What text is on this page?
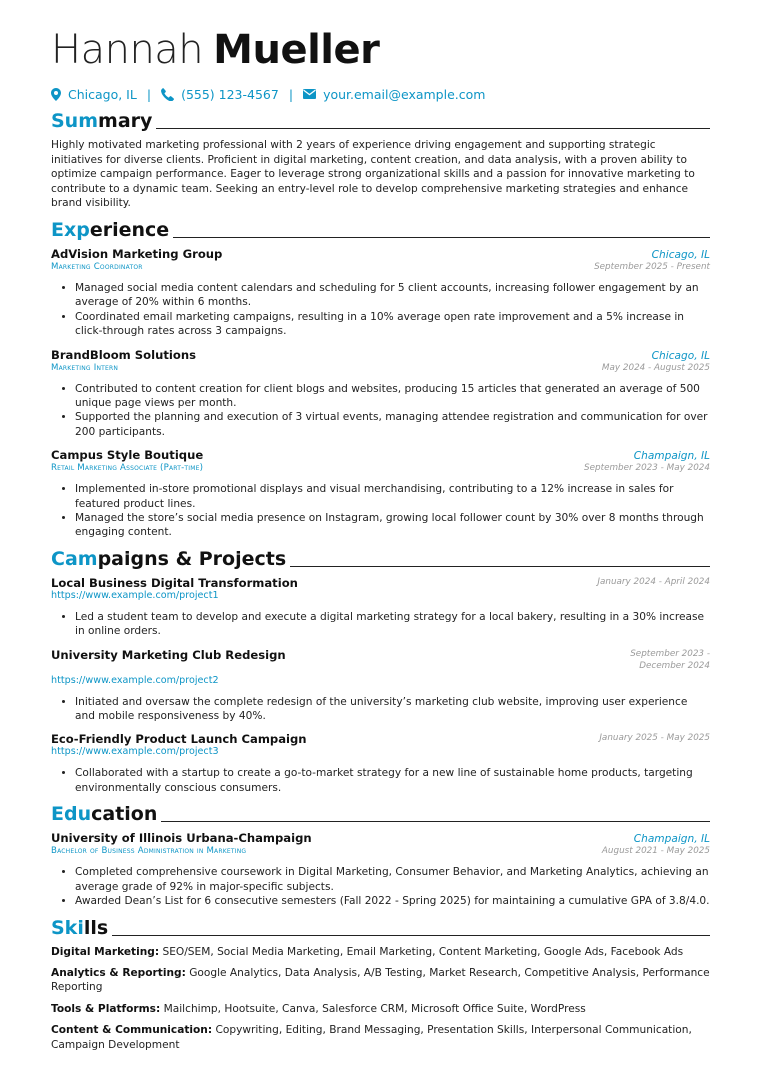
Hannah Mueller
Chicago, IL | (555) 123-4567 | your.email@example.com
Summary

Highly motivated marketing professional with 2 years of experience driving engagement and supporting strategic initiatives for diverse clients. Proficient in digital marketing, content creation, and data analysis, with a proven ability to optimize campaign performance. Eager to leverage strong organizational skills and a passion for innovative marketing to contribute to a dynamic team. Seeking an entry-level role to develop comprehensive marketing strategies and enhance brand visibility.

Experience
AdVision Marketing Group	Chicago, IL
Marketing Coordinator	September 2025 - Present
• Managed social media content calendars and scheduling for 5 client accounts, increasing follower engagement by an average of 20% within 6 months.
• Coordinated email marketing campaigns, resulting in a 10% average open rate improvement and a 5% increase in click-through rates across 3 campaigns.
BrandBloom Solutions	Chicago, IL
Marketing Intern	May 2024 - August 2025
• Contributed to content creation for client blogs and websites, producing 15 articles that generated an average of 500 unique page views per month.
• Supported the planning and execution of 3 virtual events, managing attendee registration and communication for over 200 participants.
Campus Style Boutique	Champaign, IL
Retail Marketing Associate (Part-time)	September 2023 - May 2024
• Implemented in-store promotional displays and visual merchandising, contributing to a 12% increase in sales for featured product lines.
• Managed the store’s social media presence on Instagram, growing local follower count by 30% over 8 months through engaging content.
Campaigns & Projects
Local Business Digital Transformation	January 2024 - April 2024
https://www.example.com/project1
• Led a student team to develop and execute a digital marketing strategy for a local bakery, resulting in a 30% increase in online orders.
University Marketing Club Redesign	September 2023 - December 2024
https://www.example.com/project2
• Initiated and oversaw the complete redesign of the university’s marketing club website, improving user experience and mobile responsiveness by 40%.
Eco-Friendly Product Launch Campaign	January 2025 - May 2025
https://www.example.com/project3
• Collaborated with a startup to create a go-to-market strategy for a new line of sustainable home products, targeting environmentally conscious consumers.
Education
University of Illinois Urbana-Champaign	Champaign, IL
Bachelor of Business Administration in Marketing	August 2021 - May 2025
• Completed comprehensive coursework in Digital Marketing, Consumer Behavior, and Marketing Analytics, achieving an average grade of 92% in major-specific subjects.
• Awarded Dean’s List for 6 consecutive semesters (Fall 2022 - Spring 2025) for maintaining a cumulative GPA of 3.8/4.0.
Skills
Digital Marketing: SEO/SEM, Social Media Marketing, Email Marketing, Content Marketing, Google Ads, Facebook Ads
Analytics & Reporting: Google Analytics, Data Analysis, A/B Testing, Market Research, Competitive Analysis, Performance Reporting
Tools & Platforms: Mailchimp, Hootsuite, Canva, Salesforce CRM, Microsoft Office Suite, WordPress
Content & Communication: Copywriting, Editing, Brand Messaging, Presentation Skills, Interpersonal Communication, Campaign Development
